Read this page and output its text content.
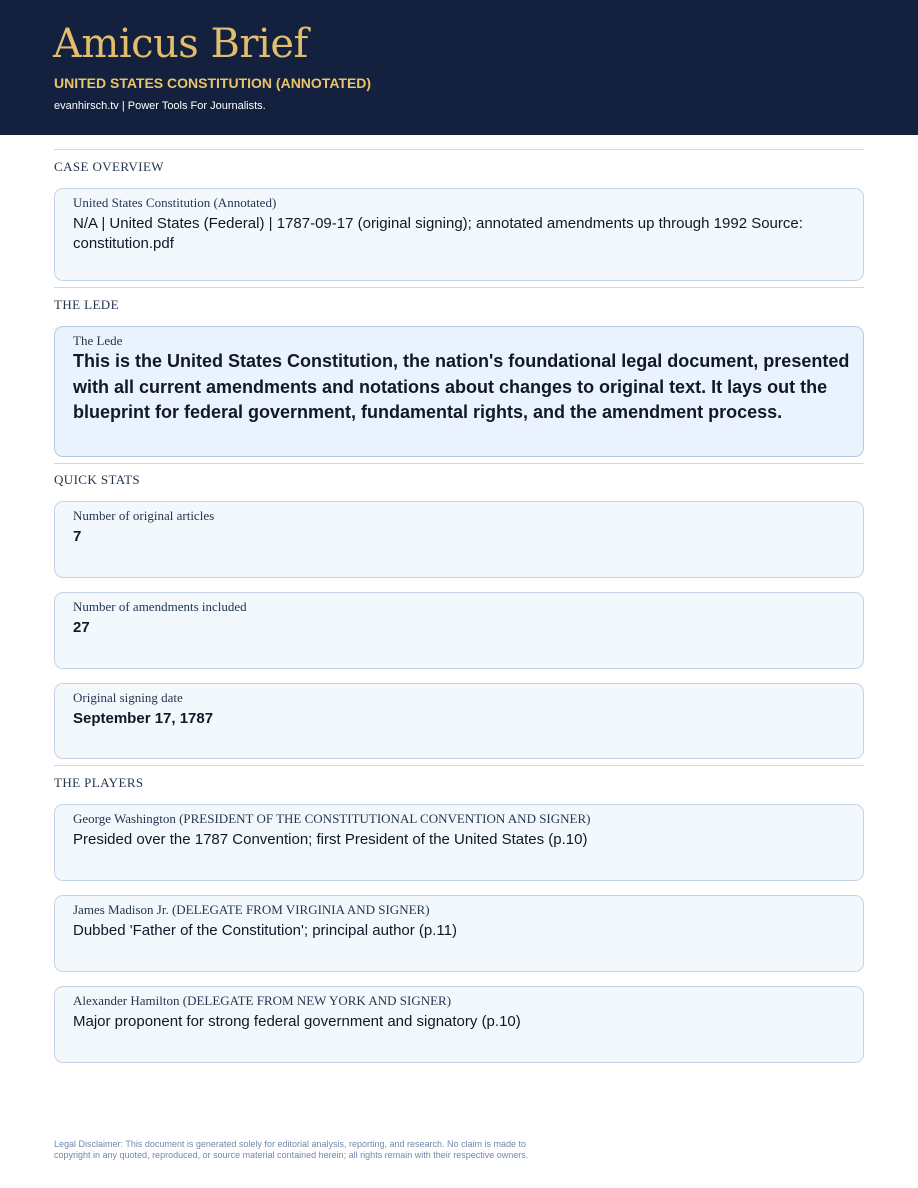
Amicus Brief
UNITED STATES CONSTITUTION (ANNOTATED)
evanhirsch.tv | Power Tools For Journalists.
CASE OVERVIEW
United States Constitution (Annotated)
N/A | United States (Federal) | 1787-09-17 (original signing); annotated amendments up through 1992 Source: constitution.pdf
THE LEDE
The Lede
This is the United States Constitution, the nation's foundational legal document, presented with all current amendments and notations about changes to original text. It lays out the blueprint for federal government, fundamental rights, and the amendment process.
QUICK STATS
Number of original articles
7
Number of amendments included
27
Original signing date
September 17, 1787
THE PLAYERS
George Washington (PRESIDENT OF THE CONSTITUTIONAL CONVENTION AND SIGNER)
Presided over the 1787 Convention; first President of the United States (p.10)
James Madison Jr. (DELEGATE FROM VIRGINIA AND SIGNER)
Dubbed 'Father of the Constitution'; principal author (p.11)
Alexander Hamilton (DELEGATE FROM NEW YORK AND SIGNER)
Major proponent for strong federal government and signatory (p.10)
Legal Disclaimer: This document is generated solely for editorial analysis, reporting, and research. No claim is made to copyright in any quoted, reproduced, or source material contained herein; all rights remain with their respective owners.
